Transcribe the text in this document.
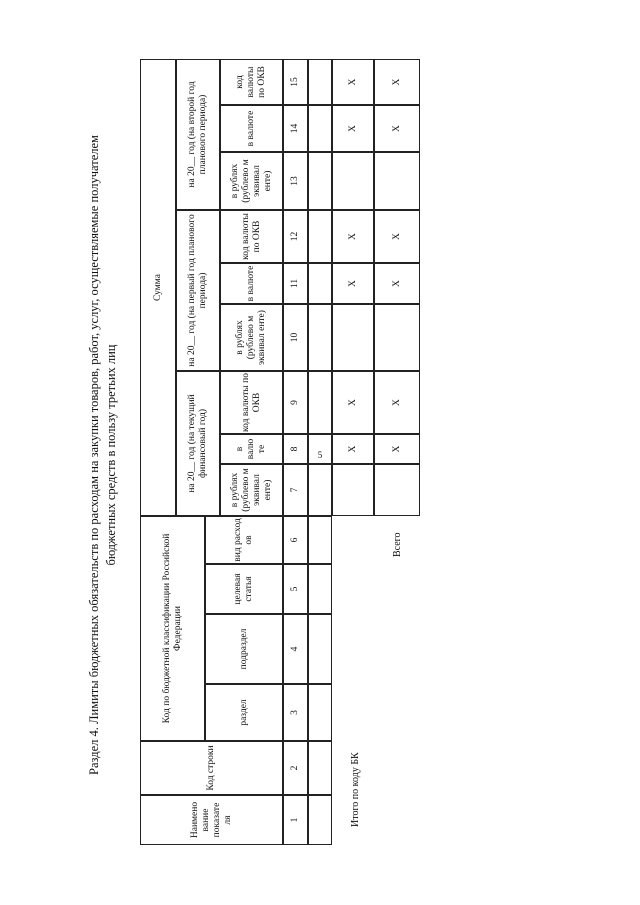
5
Раздел 4. Лимиты бюджетных обязательств по расходам на закупки товаров, работ, услуг, осуществляемые получателем бюджетных средств в пользу третьих лиц
Наимено вание показате ля
Код строки
Код по бюджетной классификации Российской Федерации
раздел
подраздел
целевая статья
вид расход ов
Сумма
на 20__ год (на текущий финансовый год)
на 20__ год (на первый год планового периода)
на 20__ год (на второй год планового периода)
в рублях (рублево м эквивал енте)
в валю те
код валюты по ОКВ
в рублях (рублево м эквивал енте)
в валюте
код валюты по ОКВ
в рублях (рублево м эквивал енте)
в валюте
код валюты по ОКВ
1
2
3
4
5
6
7
8
9
10
11
12
13
14
15
X
X
X
X
X
X
X
X
X
X
X
X
Итого по коду БК
Всего
